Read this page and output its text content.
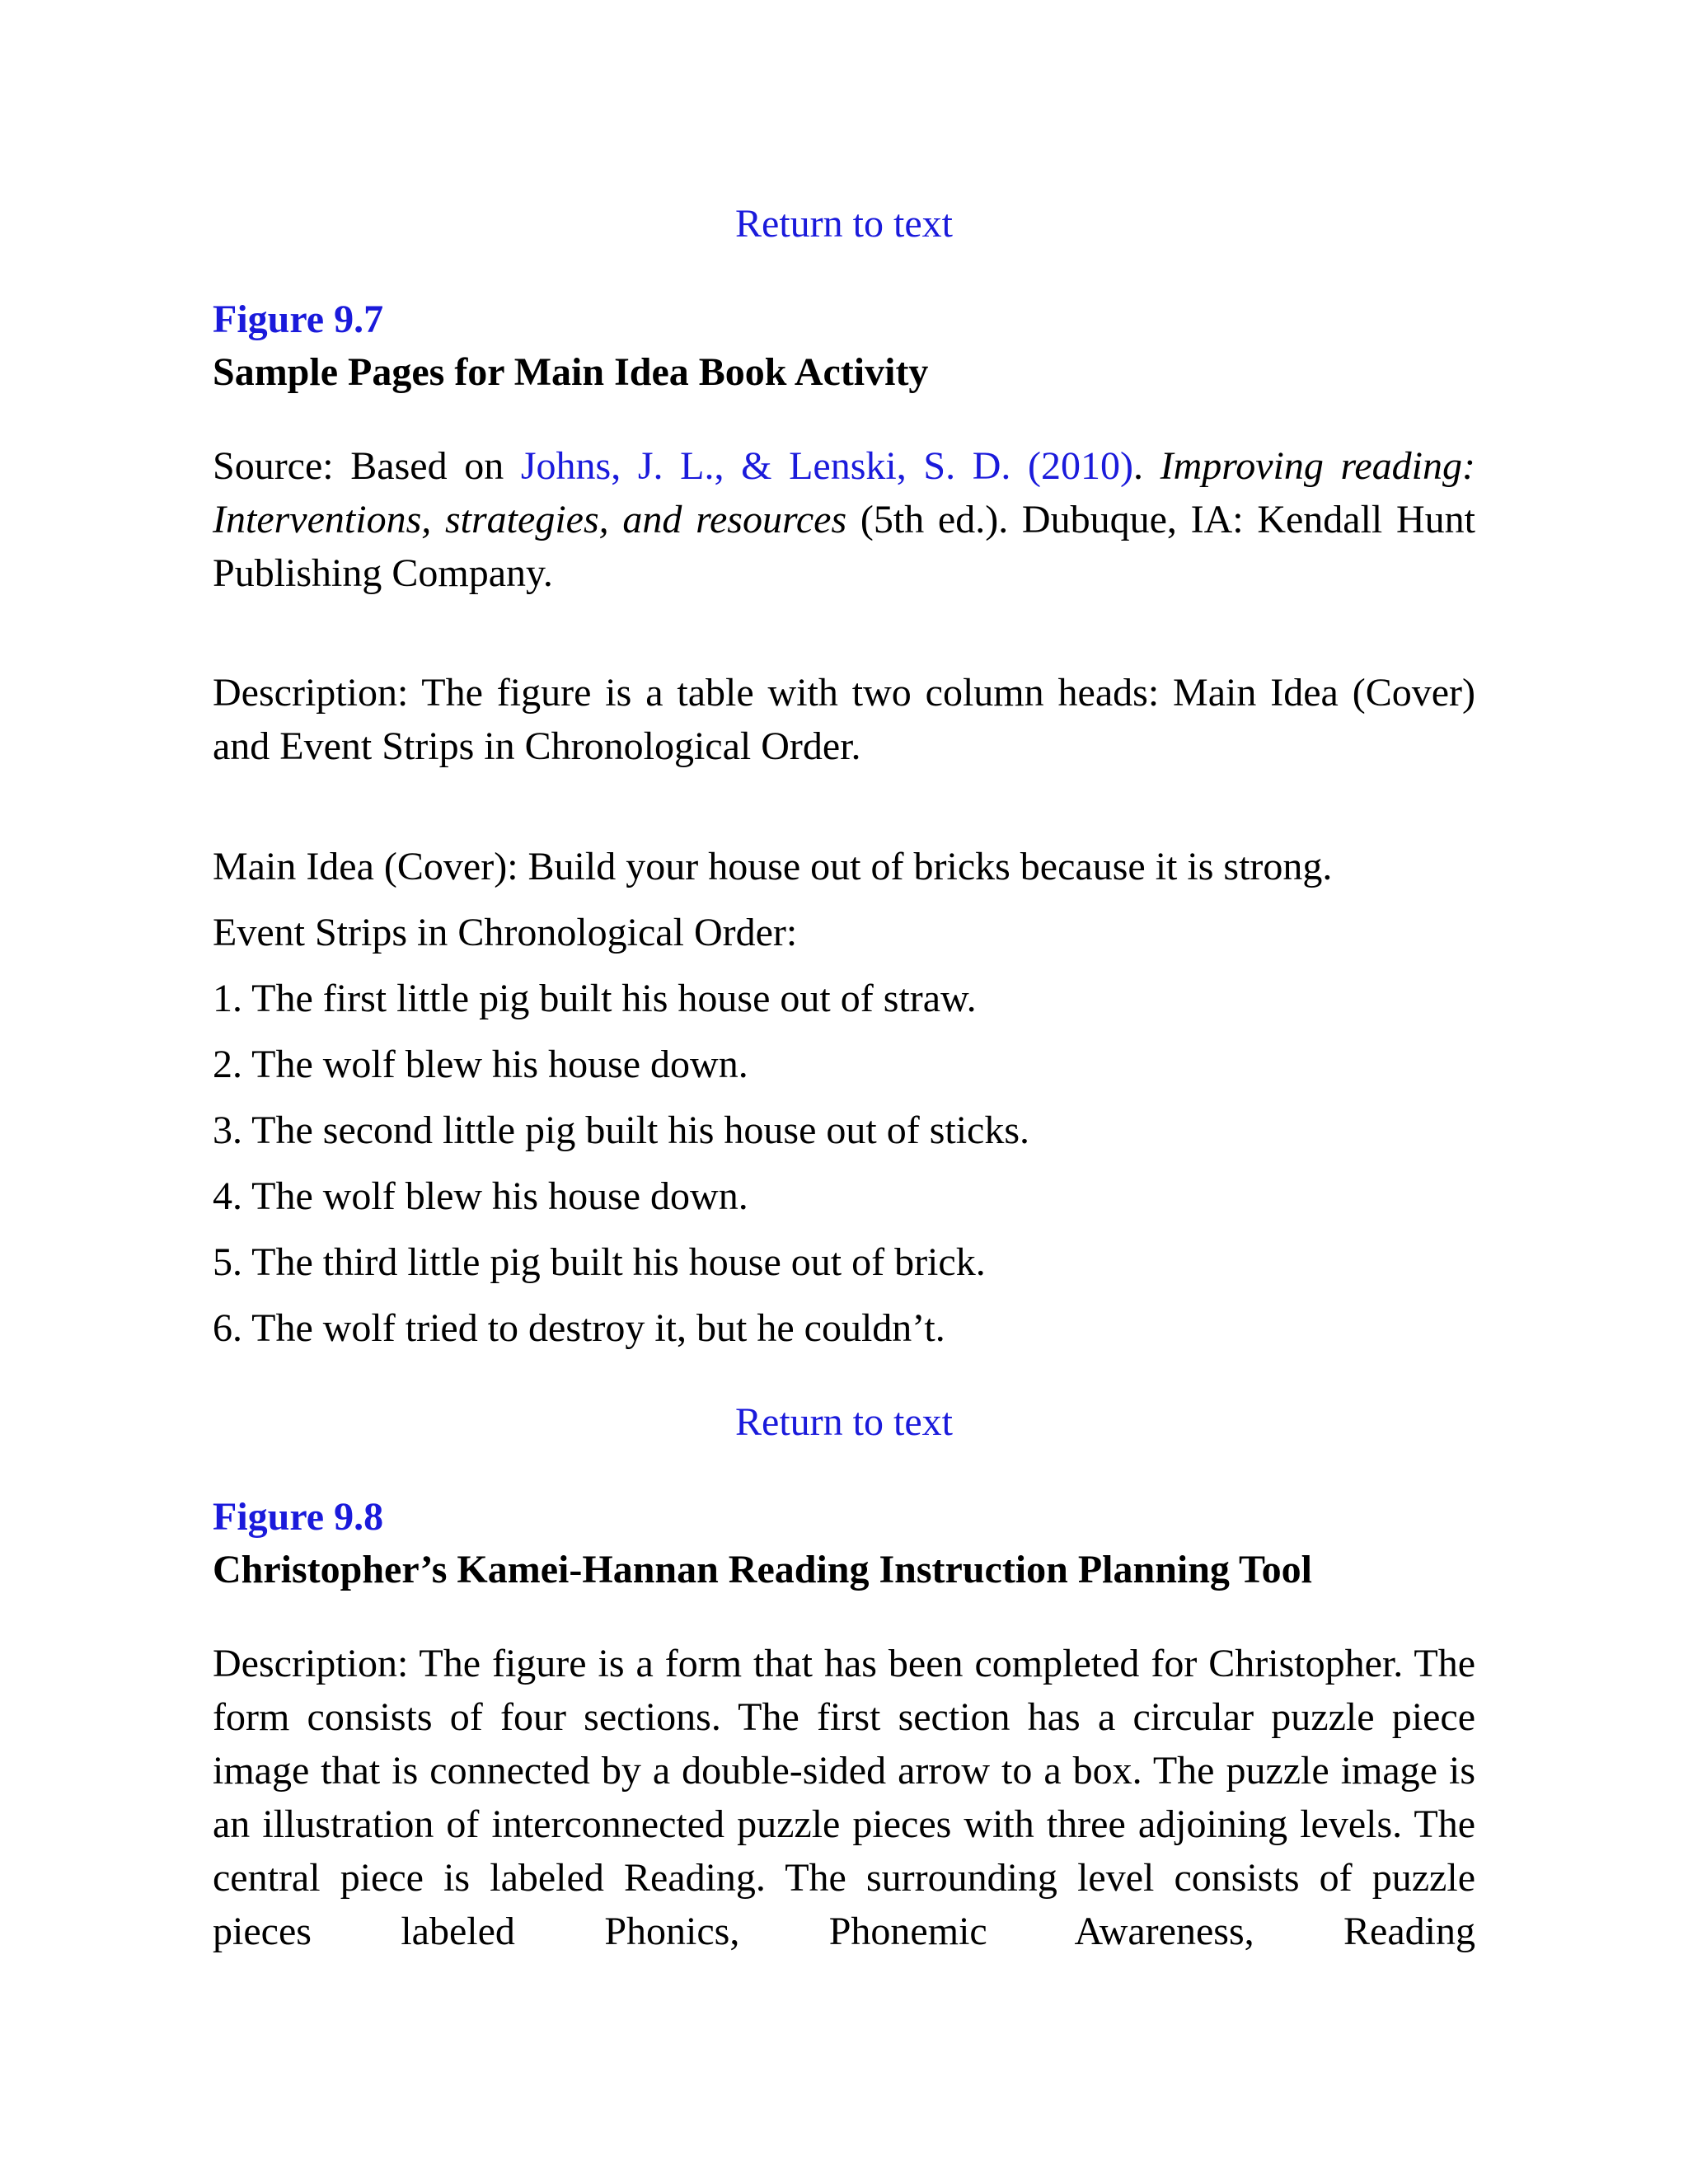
Return to text
Figure 9.7
Sample Pages for Main Idea Book Activity
Source: Based on Johns, J. L., & Lenski, S. D. (2010). Improving reading: Interventions, strategies, and resources (5th ed.). Dubuque, IA: Kendall Hunt Publishing Company.
Description: The figure is a table with two column heads: Main Idea (Cover) and Event Strips in Chronological Order.
Main Idea (Cover): Build your house out of bricks because it is strong.
Event Strips in Chronological Order:
1. The first little pig built his house out of straw.
2. The wolf blew his house down.
3. The second little pig built his house out of sticks.
4. The wolf blew his house down.
5. The third little pig built his house out of brick.
6. The wolf tried to destroy it, but he couldn’t.
Return to text
Figure 9.8
Christopher’s Kamei-Hannan Reading Instruction Planning Tool
Description: The figure is a form that has been completed for Christopher. The form consists of four sections. The first section has a circular puzzle piece image that is connected by a double-sided arrow to a box. The puzzle image is an illustration of interconnected puzzle pieces with three adjoining levels. The central piece is labeled Reading. The surrounding level consists of puzzle pieces labeled Phonics, Phonemic Awareness, Reading
